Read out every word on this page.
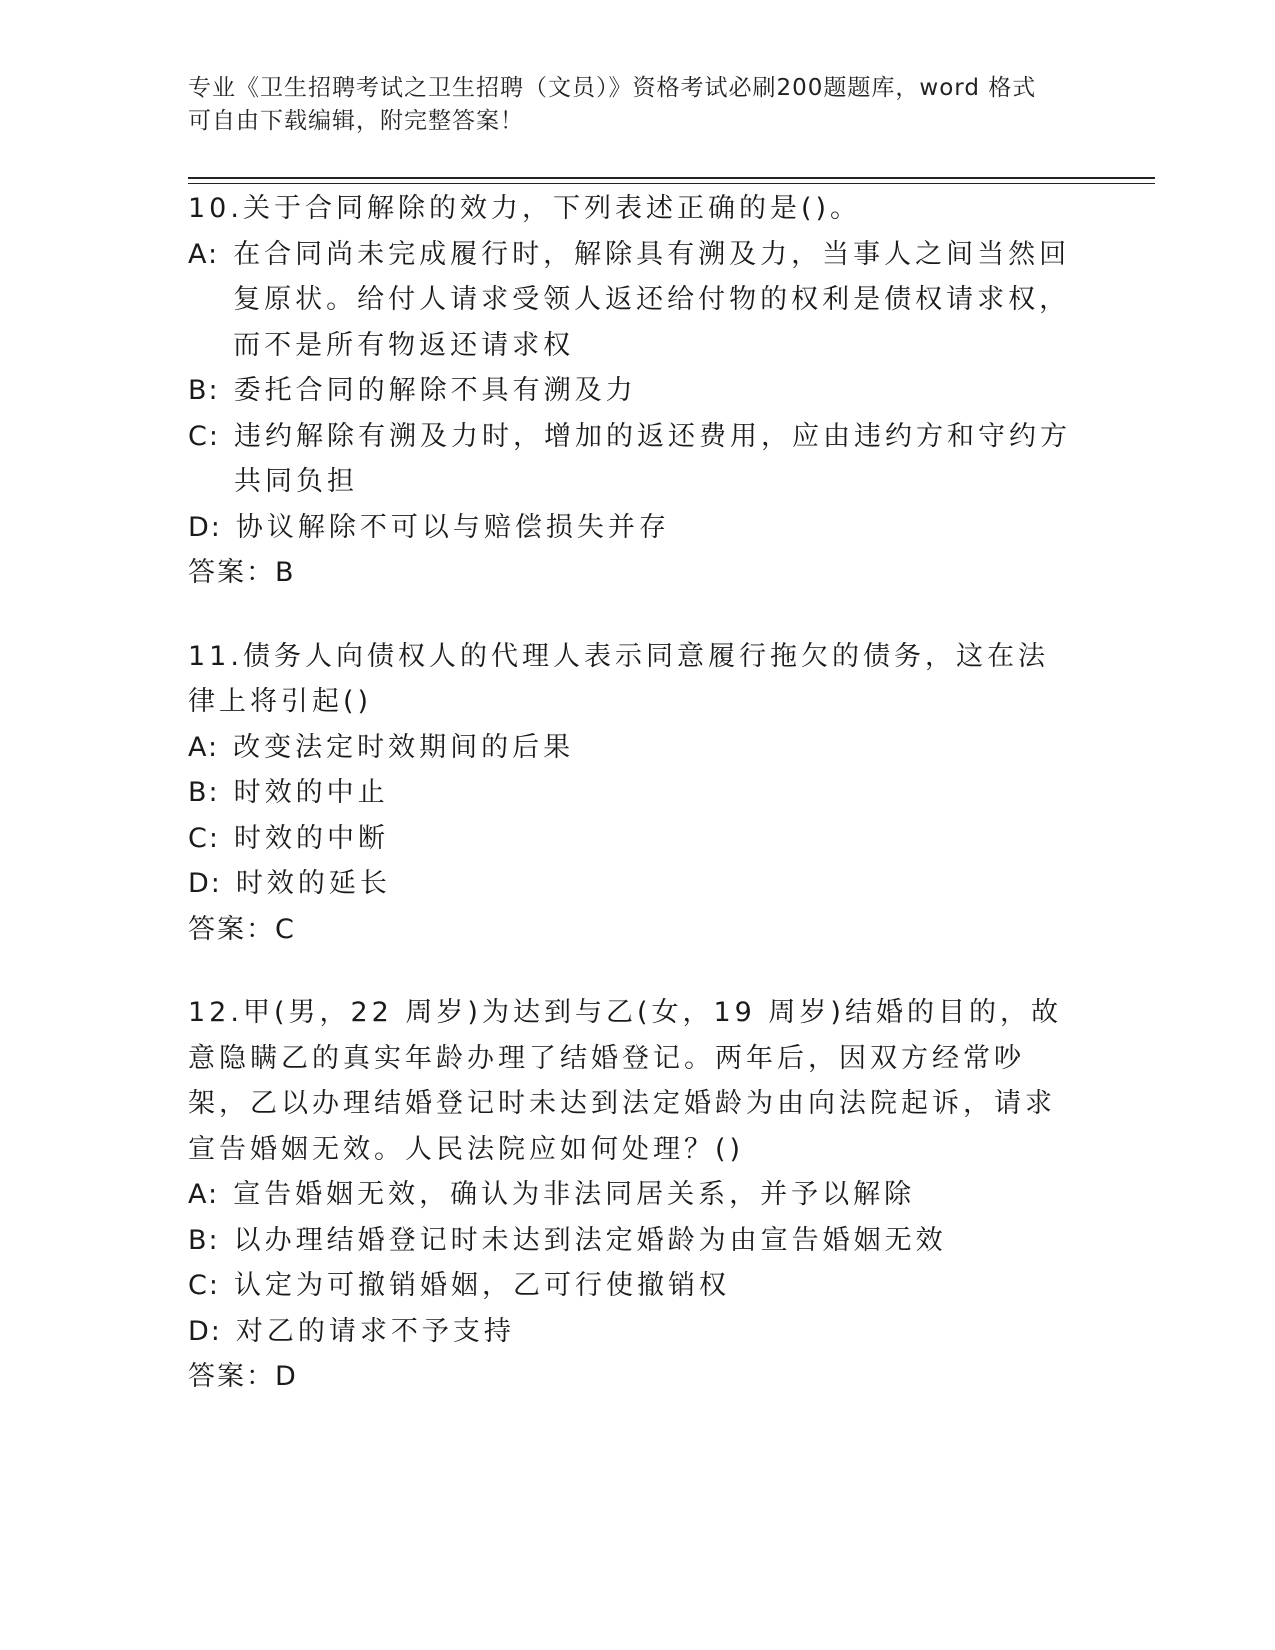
专业《卫生招聘考试之卫生招聘（文员）》资格考试必刷200题题库，word 格式
可自由下载编辑，附完整答案！

10.关于合同解除的效力，下列表述正确的是()。

A: 在合同尚未完成履行时，解除具有溯及力，当事人之间当然回复原状。给付人请求受领人返还给付物的权利是债权请求权，而不是所有物返还请求权

B: 委托合同的解除不具有溯及力

C: 违约解除有溯及力时，增加的返还费用，应由违约方和守约方共同负担

D: 协议解除不可以与赔偿损失并存

答案：B

11.债务人向债权人的代理人表示同意履行拖欠的债务，这在法律上将引起()

A: 改变法定时效期间的后果

B: 时效的中止

C: 时效的中断

D: 时效的延长

答案：C

12.甲(男，22 周岁)为达到与乙(女，19 周岁)结婚的目的，故意隐瞒乙的真实年龄办理了结婚登记。两年后，因双方经常吵架，乙以办理结婚登记时未达到法定婚龄为由向法院起诉，请求宣告婚姻无效。人民法院应如何处理？()

A: 宣告婚姻无效，确认为非法同居关系，并予以解除

B: 以办理结婚登记时未达到法定婚龄为由宣告婚姻无效

C: 认定为可撤销婚姻，乙可行使撤销权

D: 对乙的请求不予支持

答案：D
